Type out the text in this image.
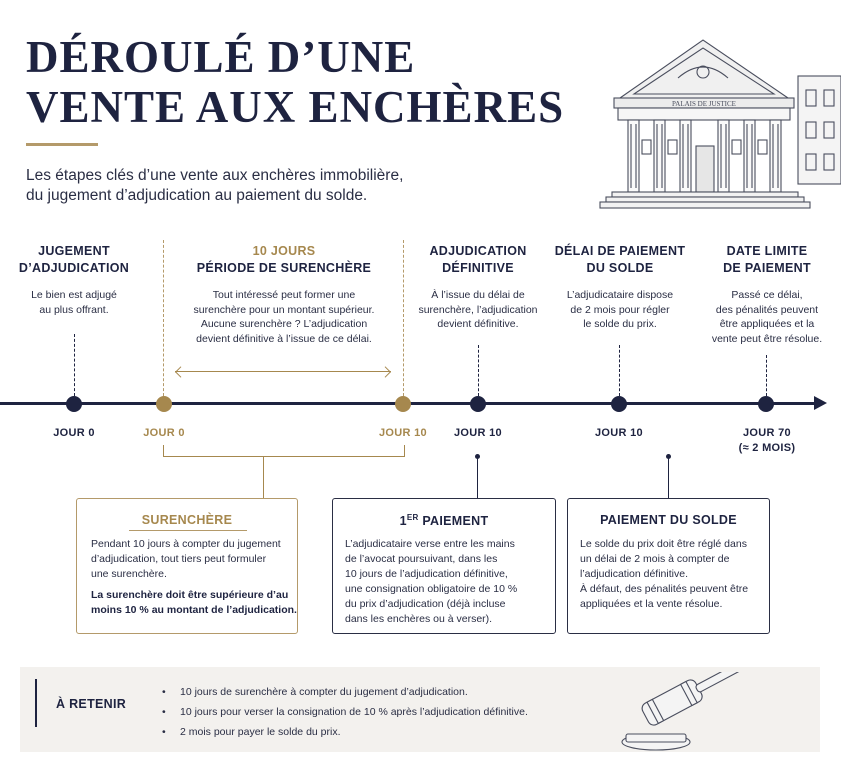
DÉROULÉ D’UNE
VENTE AUX ENCHÈRES
Les étapes clés d’une vente aux enchères immobilière,
du jugement d’adjudication au paiement du solde.
PALAIS DE JUSTICE
JUGEMENT
D’ADJUDICATION
Le bien est adjugé
au plus offrant.
10 JOURS
PÉRIODE DE SURENCHÈRE
Tout intéressé peut former une
surenchère pour un montant supérieur.
Aucune surenchère ? L’adjudication
devient définitive à l’issue de ce délai.
ADJUDICATION
DÉFINITIVE
À l’issue du délai de
surenchère, l’adjudication
devient définitive.
DÉLAI DE PAIEMENT
DU SOLDE
L’adjudicataire dispose
de 2 mois pour régler
le solde du prix.
DATE LIMITE
DE PAIEMENT
Passé ce délai,
des pénalités peuvent
être appliquées et la
vente peut être résolue.
JOUR 0	JOUR 0	JOUR 10	JOUR 10	JOUR 10	JOUR 70
(≈ 2 MOIS)
SURENCHÈRE
Pendant 10 jours à compter du jugement
d’adjudication, tout tiers peut formuler
une surenchère.
La surenchère doit être supérieure d’au
moins 10 % au montant de l’adjudication.
1ER PAIEMENT
L’adjudicataire verse entre les mains
de l’avocat poursuivant, dans les
10 jours de l’adjudication définitive,
une consignation obligatoire de 10 %
du prix d’adjudication (déjà incluse
dans les enchères ou à verser).
PAIEMENT DU SOLDE
Le solde du prix doit être réglé dans
un délai de 2 mois à compter de
l’adjudication définitive.
À défaut, des pénalités peuvent être
appliquées et la vente résolue.
À RETENIR
• 10 jours de surenchère à compter du jugement d’adjudication.
• 10 jours pour verser la consignation de 10 % après l’adjudication définitive.
• 2 mois pour payer le solde du prix.
